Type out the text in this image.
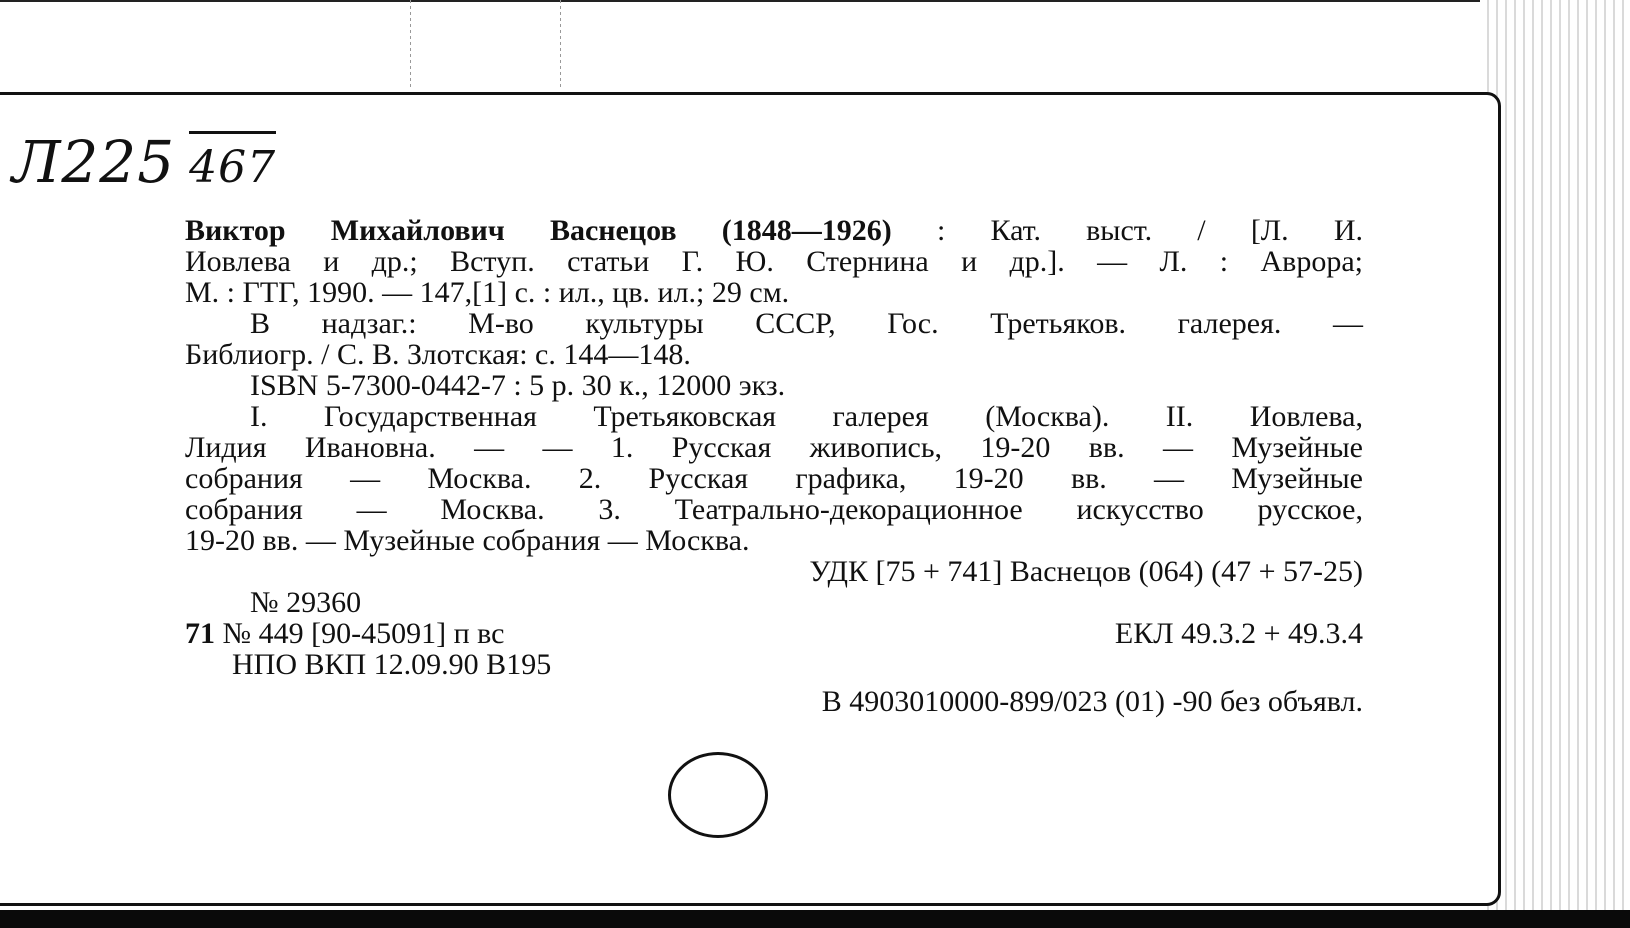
Л225 467
Виктор Михайлович Васнецов (1848—1926) : Кат. выст. / [Л. И.
Иовлева и др.; Вступ. статьи Г. Ю. Стернина и др.]. — Л. : Аврора;
М. : ГТГ, 1990. — 147,[1] с. : ил., цв. ил.; 29 см.
В надзаг.: М-во культуры СССР, Гос. Третьяков. галерея. —
Библиогр. / С. В. Злотская: с. 144—148.
ISBN 5-7300-0442-7 : 5 р. 30 к., 12000 экз.
I. Государственная Третьяковская галерея (Москва). II. Иовлева,
Лидия Ивановна. — — 1. Русская живопись, 19-20 вв. — Музейные
собрания — Москва. 2. Русская графика, 19-20 вв. — Музейные
собрания — Москва. 3. Театрально-декорационное искусство русское,
19-20 вв. — Музейные собрания — Москва.
УДК [75 + 741] Васнецов (064) (47 + 57-25)
№ 29360
71 № 449 [90-45091] п вс	ЕКЛ 49.3.2 + 49.3.4
НПО ВКП 12.09.90 В195
В 4903010000-899/023 (01) -90 без объявл.
